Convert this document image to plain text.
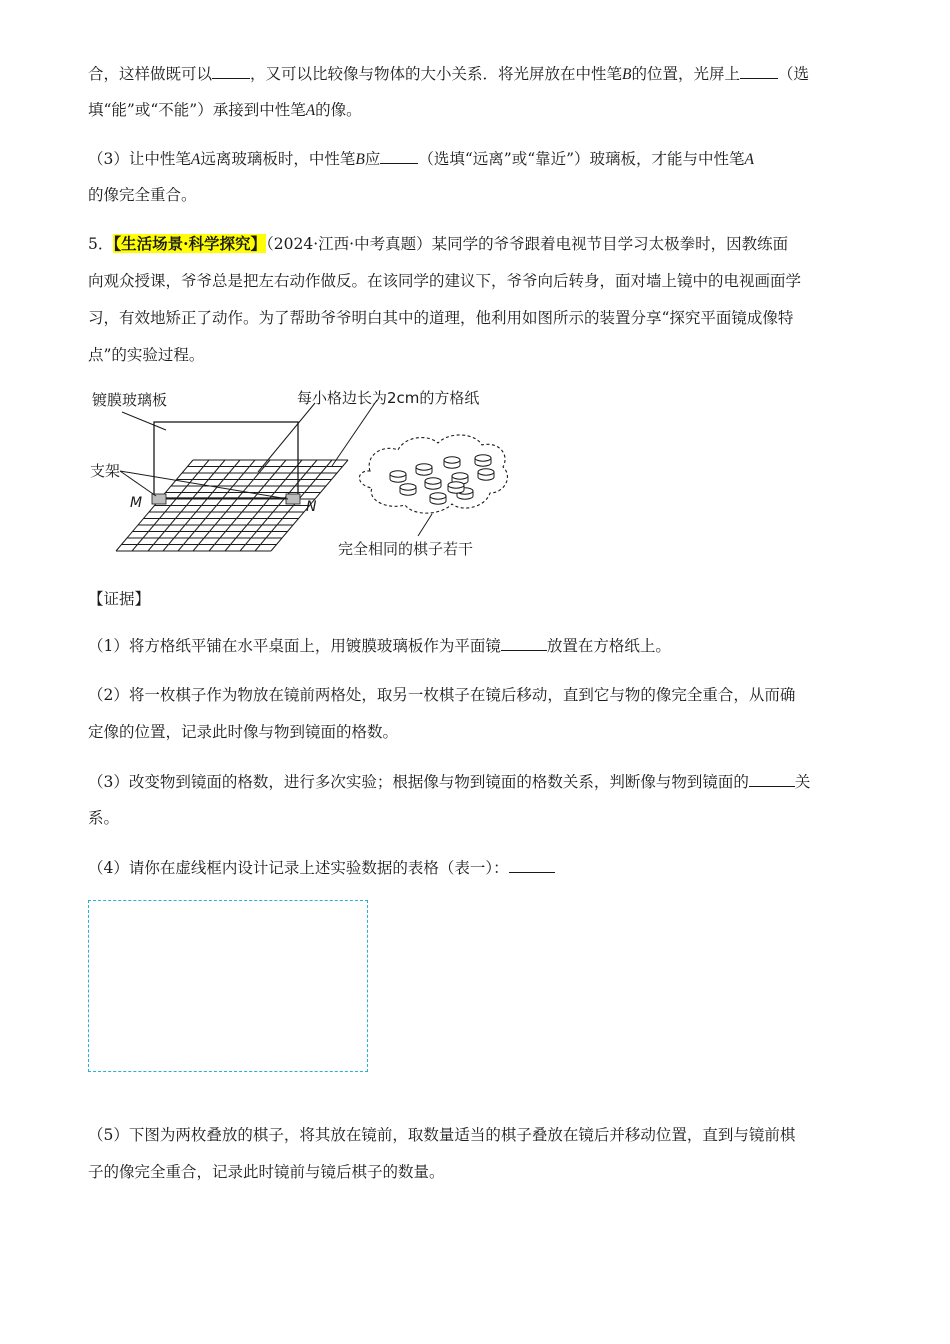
合，这样做既可以 ，又可以比较像与物体的大小关系．将光屏放在中性笔B的位置，光屏上 （选
填“能”或“不能”）承接到中性笔A的像。
（3）让中性笔A远离玻璃板时，中性笔B应 （选填“远离”或“靠近”）玻璃板，才能与中性笔A
的像完全重合。
5．【生活场景·科学探究】（2024·江西·中考真题）某同学的爷爷跟着电视节目学习太极拳时，因教练面
向观众授课，爷爷总是把左右动作做反。在该同学的建议下，爷爷向后转身，面对墙上镜中的电视画面学
习，有效地矫正了动作。为了帮助爷爷明白其中的道理，他利用如图所示的装置分享“探究平面镜成像特
点”的实验过程。
镀膜玻璃板	每小格边长为2cm的方格纸
支架
M	N
完全相同的棋子若干
【证据】
（1）将方格纸平铺在水平桌面上，用镀膜玻璃板作为平面镜	放置在方格纸上。
（2）将一枚棋子作为物放在镜前两格处，取另一枚棋子在镜后移动，直到它与物的像完全重合，从而确
定像的位置，记录此时像与物到镜面的格数。
（3）改变物到镜面的格数，进行多次实验；根据像与物到镜面的格数关系，判断像与物到镜面的	关
系。
（4）请你在虚线框内设计记录上述实验数据的表格（表一）：
（5）下图为两枚叠放的棋子，将其放在镜前，取数量适当的棋子叠放在镜后并移动位置，直到与镜前棋
子的像完全重合，记录此时镜前与镜后棋子的数量。
